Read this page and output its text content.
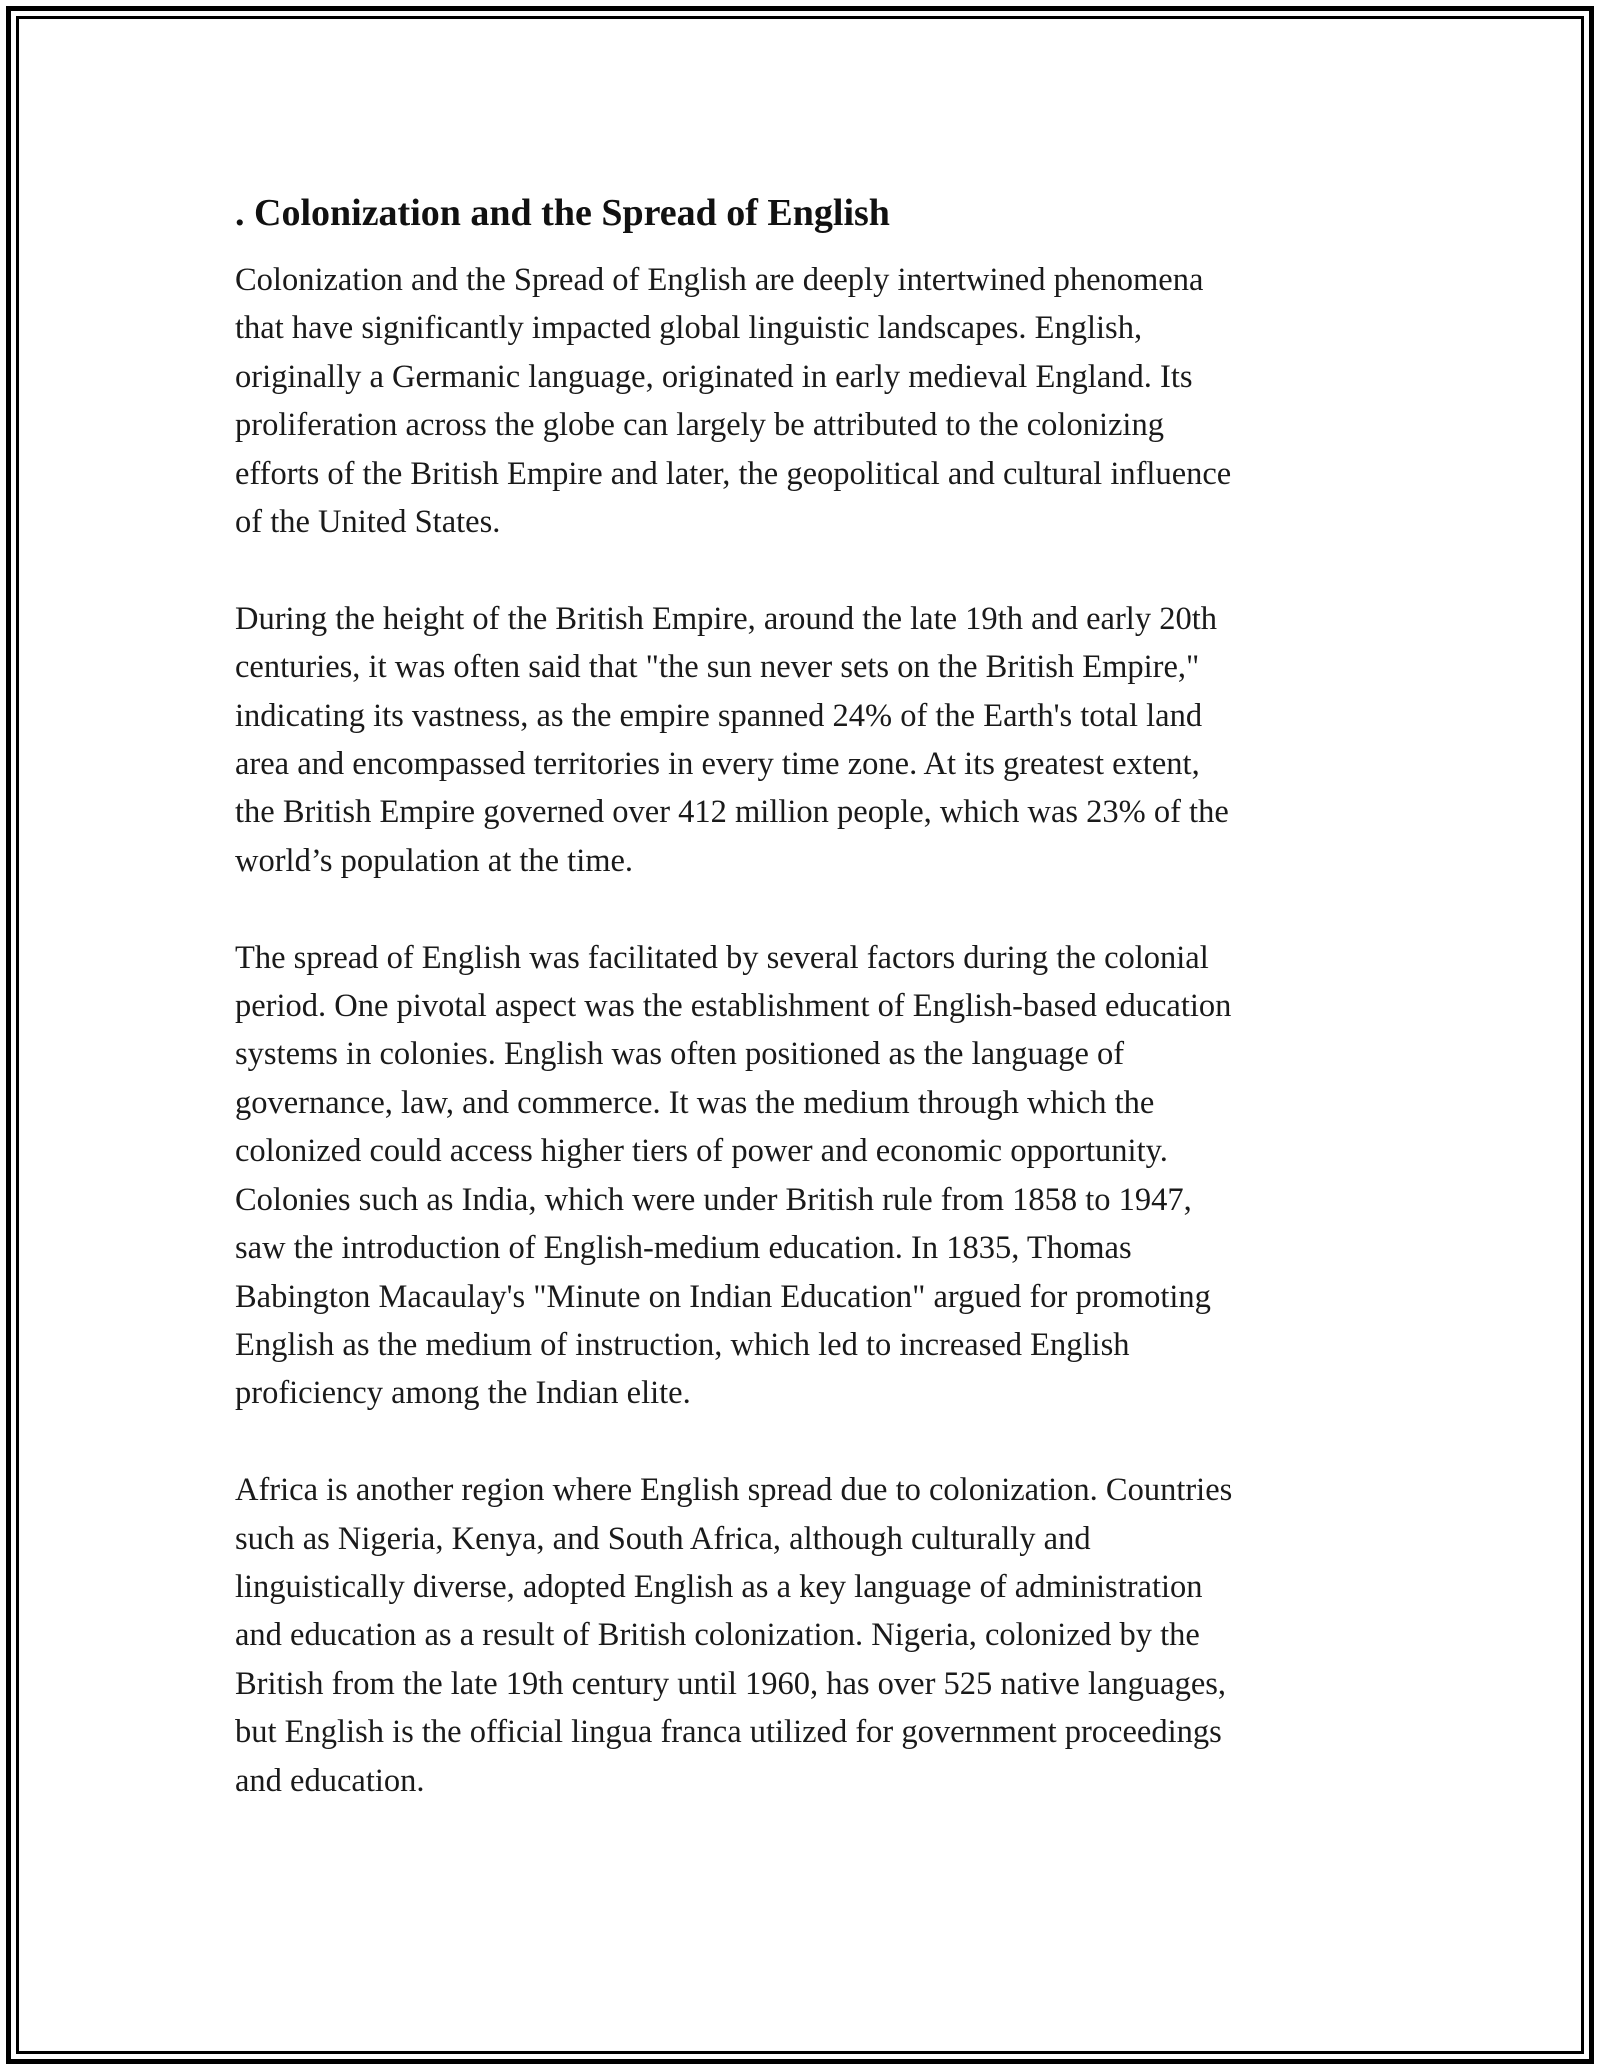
. Colonization and the Spread of English

Colonization and the Spread of English are deeply intertwined phenomena
that have significantly impacted global linguistic landscapes. English,
originally a Germanic language, originated in early medieval England. Its
proliferation across the globe can largely be attributed to the colonizing
efforts of the British Empire and later, the geopolitical and cultural influence
of the United States.

During the height of the British Empire, around the late 19th and early 20th
centuries, it was often said that "the sun never sets on the British Empire,"
indicating its vastness, as the empire spanned 24% of the Earth's total land
area and encompassed territories in every time zone. At its greatest extent,
the British Empire governed over 412 million people, which was 23% of the
world’s population at the time.

The spread of English was facilitated by several factors during the colonial
period. One pivotal aspect was the establishment of English-based education
systems in colonies. English was often positioned as the language of
governance, law, and commerce. It was the medium through which the
colonized could access higher tiers of power and economic opportunity.
Colonies such as India, which were under British rule from 1858 to 1947,
saw the introduction of English-medium education. In 1835, Thomas
Babington Macaulay's "Minute on Indian Education" argued for promoting
English as the medium of instruction, which led to increased English
proficiency among the Indian elite.

Africa is another region where English spread due to colonization. Countries
such as Nigeria, Kenya, and South Africa, although culturally and
linguistically diverse, adopted English as a key language of administration
and education as a result of British colonization. Nigeria, colonized by the
British from the late 19th century until 1960, has over 525 native languages,
but English is the official lingua franca utilized for government proceedings
and education.
